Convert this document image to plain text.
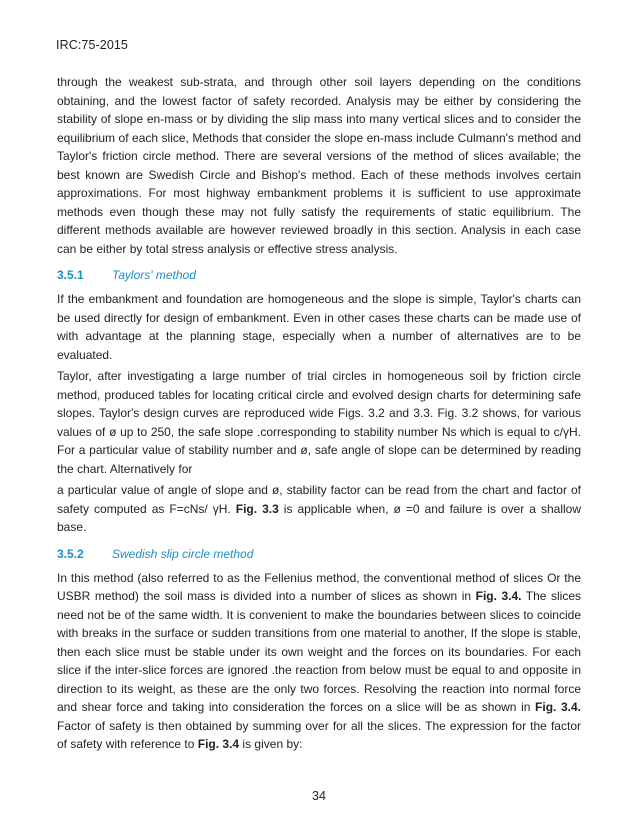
IRC:75-2015

through the weakest sub-strata, and through other soil layers depending on the conditions obtaining, and the lowest factor of safety recorded. Analysis may be either by considering the stability of slope en-mass or by dividing the slip mass into many vertical slices and to consider the equilibrium of each slice, Methods that consider the slope en-mass include Culmann's method and Taylor's friction circle method. There are several versions of the method of slices available; the best known are Swedish Circle and Bishop's method. Each of these methods involves certain approximations. For most highway embankment problems it is sufficient to use approximate methods even though these may not fully satisfy the requirements of static equilibrium. The different methods available are however reviewed broadly in this section. Analysis in each case can be either by total stress analysis or effective stress analysis.

3.5.1 Taylors' method

If the embankment and foundation are homogeneous and the slope is simple, Taylor's charts can be used directly for design of embankment. Even in other cases these charts can be made use of with advantage at the planning stage, especially when a number of alternatives are to be evaluated.

Taylor, after investigating a large number of trial circles in homogeneous soil by friction circle method, produced tables for locating critical circle and evolved design charts for determining safe slopes. Taylor's design curves are reproduced wide Figs. 3.2 and 3.3. Fig. 3.2 shows, for various values of ø up to 250, the safe slope .corresponding to stability number Ns which is equal to c/γH. For a particular value of stability number and ø, safe angle of slope can be determined by reading the chart. Alternatively for

a particular value of angle of slope and ø, stability factor can be read from the chart and factor of safety computed as F=cNs/ γH. Fig. 3.3 is applicable when, ø =0 and failure is over a shallow base.

3.5.2 Swedish slip circle method

In this method (also referred to as the Fellenius method, the conventional method of slices Or the USBR method) the soil mass is divided into a number of slices as shown in Fig. 3.4. The slices need not be of the same width. It is convenient to make the boundaries between slices to coincide with breaks in the surface or sudden transitions from one material to another, If the slope is stable, then each slice must be stable under its own weight and the forces on its boundaries. For each slice if the inter-slice forces are ignored .the reaction from below must be equal to and opposite in direction to its weight, as these are the only two forces. Resolving the reaction into normal force and shear force and taking into consideration the forces on a slice will be as shown in Fig. 3.4. Factor of safety is then obtained by summing over for all the slices. The expression for the factor of safety with reference to Fig. 3.4 is given by:

34
